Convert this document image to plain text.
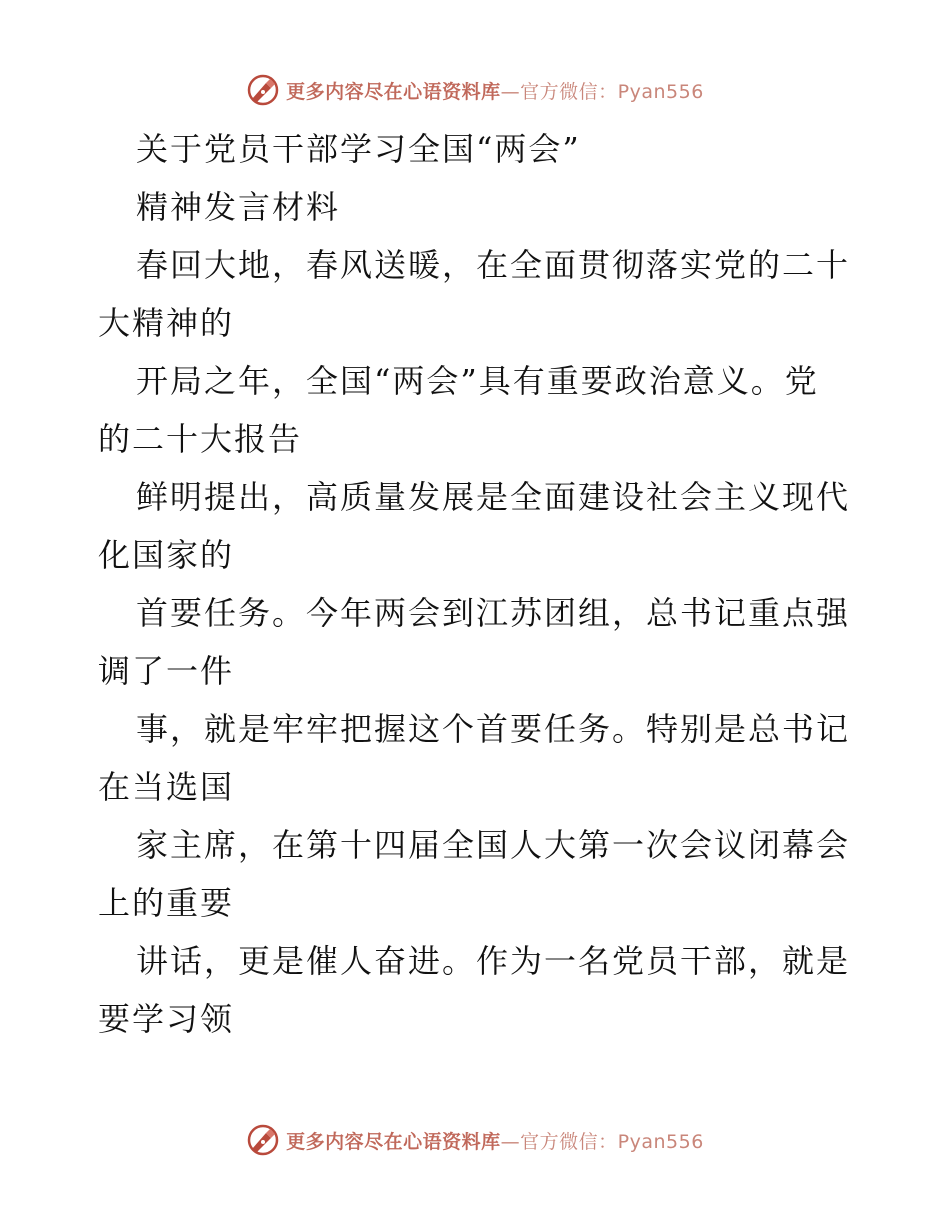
更多内容尽在心语资料库—官方微信：Pyan556
关于党员干部学习全国“两会”
精神发言材料
春回大地，春风送暖，在全面贯彻落实党的二十
大精神的
开局之年，全国“两会”具有重要政治意义。党
的二十大报告
鲜明提出，高质量发展是全面建设社会主义现代
化国家的
首要任务。今年两会到江苏团组，总书记重点强
调了一件
事，就是牢牢把握这个首要任务。特别是总书记
在当选国
家主席，在第十四届全国人大第一次会议闭幕会
上的重要
讲话，更是催人奋进。作为一名党员干部，就是
要学习领
更多内容尽在心语资料库—官方微信：Pyan556
